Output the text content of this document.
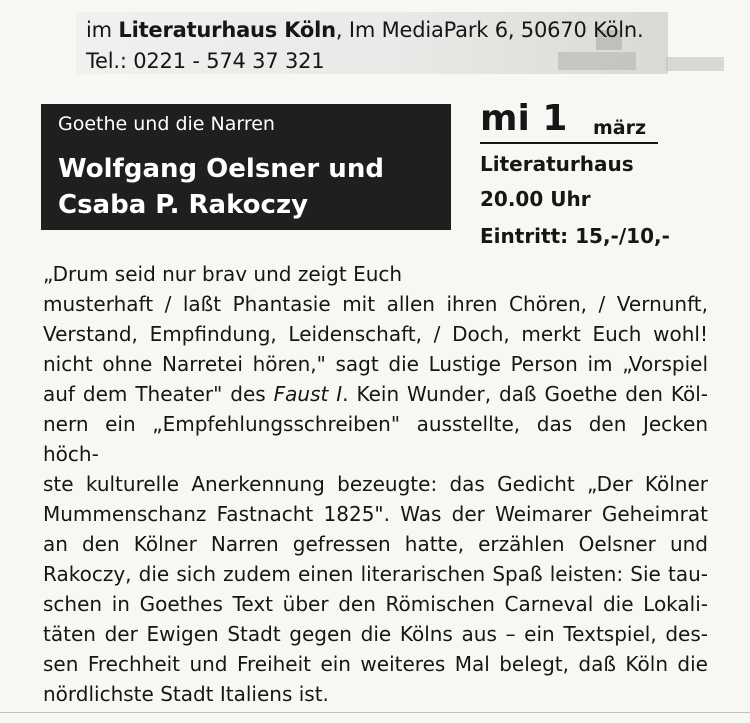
im Literaturhaus Köln, Im MediaPark 6, 50670 Köln.
Tel.: 0221 - 574 37 321
Goethe und die Narren
Wolfgang Oelsner und
Csaba P. Rakoczy
mi 1 märz
Literaturhaus
20.00 Uhr
Eintritt: 15,-/10,-
„Drum seid nur brav und zeigt Euch
musterhaft / laßt Phantasie mit allen ihren Chören, / Vernunft,
Verstand, Empfindung, Leidenschaft, / Doch, merkt Euch wohl!
nicht ohne Narretei hören," sagt die Lustige Person im „Vorspiel
auf dem Theater" des Faust I. Kein Wunder, daß Goethe den Köl-
nern ein „Empfehlungsschreiben" ausstellte, das den Jecken höch-
ste kulturelle Anerkennung bezeugte: das Gedicht „Der Kölner
Mummenschanz Fastnacht 1825". Was der Weimarer Geheimrat
an den Kölner Narren gefressen hatte, erzählen Oelsner und
Rakoczy, die sich zudem einen literarischen Spaß leisten: Sie tau-
schen in Goethes Text über den Römischen Carneval die Lokali-
täten der Ewigen Stadt gegen die Kölns aus – ein Textspiel, des-
sen Frechheit und Freiheit ein weiteres Mal belegt, daß Köln die
nördlichste Stadt Italiens ist.
